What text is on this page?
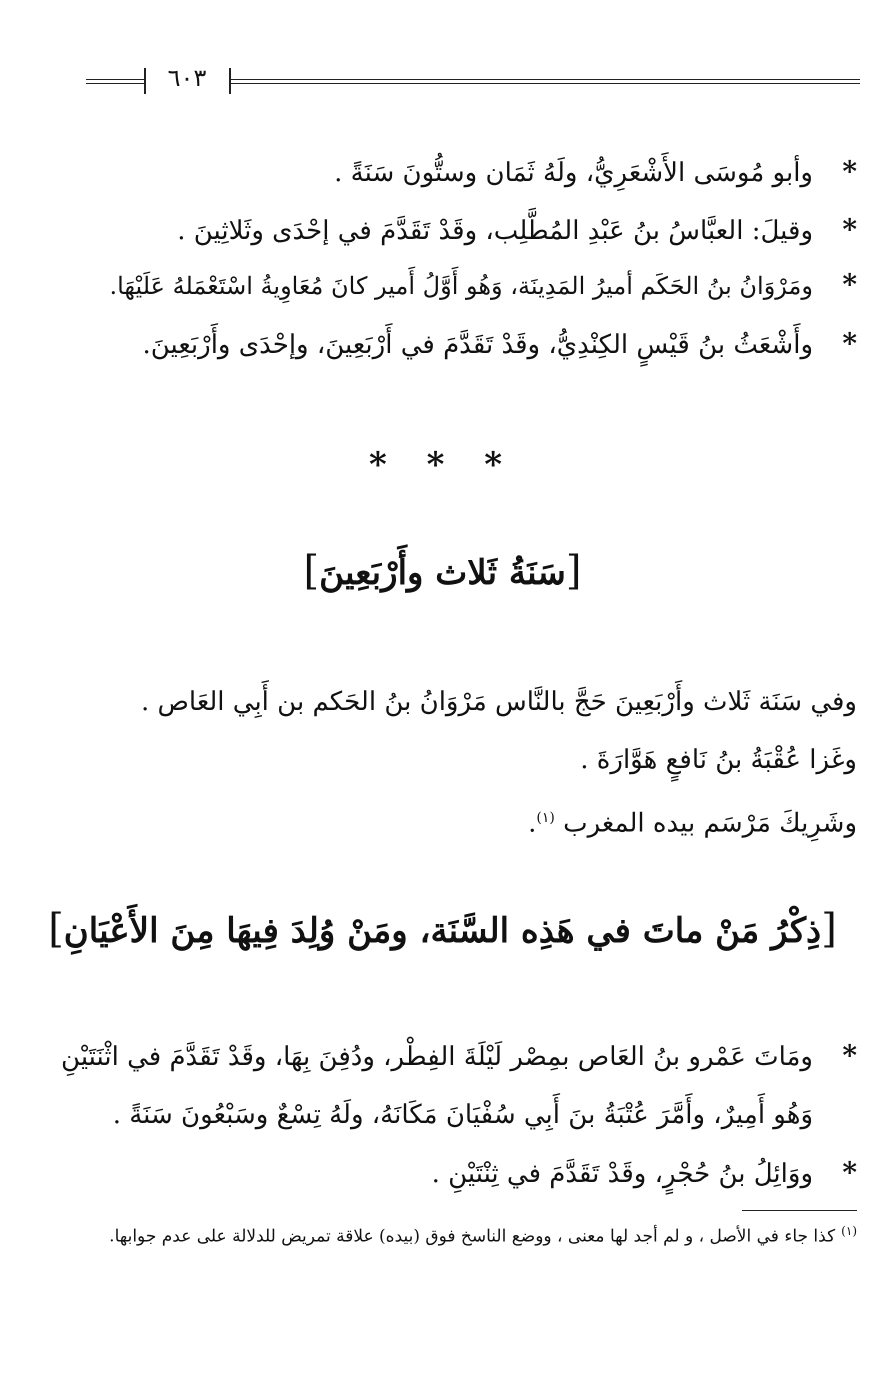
٦٠٣
*وأبو مُوسَى الأَشْعَرِيُّ، ولَهُ ثَمَان وستُّونَ سَنَةً .
*وقيلَ: العبَّاسُ بنُ عَبْدِ المُطَّلِب، وقَدْ تَقَدَّمَ في إحْدَى وثَلاثِينَ .
*ومَرْوَانُ بنُ الحَكَم أميرُ المَدِينَة، وَهُو أَوَّلُ أَمير كانَ مُعَاوِيةُ اسْتَعْمَلهُ عَلَيْهَا.
*وأَشْعَثُ بنُ قَيْسٍ الكِنْدِيُّ، وقَدْ تَقَدَّمَ في أَرْبَعِينَ، وإحْدَى وأَرْبَعِينَ.
* * *
[سَنَةُ ثَلاث وأَرْبَعِينَ]
وفي سَنَة ثَلاث وأَرْبَعِينَ حَجَّ بالنَّاس مَرْوَانُ بنُ الحَكم بن أَبِي العَاص .
وغَزا عُقْبَةُ بنُ نَافعٍ هَوَّارَةَ .
وشَرِيكَ مَرْسَم بيده المغرب $^{(١)}$.
[ذِكْرُ مَنْ ماتَ في هَذِه السَّنَة، ومَنْ وُلِدَ فِيهَا مِنَ الأَعْيَانِ]
*ومَاتَ عَمْرو بنُ العَاص بمِصْر لَيْلَةَ الفِطْر، ودُفِنَ بِهَا، وقَدْ تَقَدَّمَ في اثْنَتَيْنِ
وَهُو أَمِيرٌ، وأَمَّرَ عُتْبَةُ بنَ أَبِي سُفْيَانَ مَكَانَهُ، ولَهُ تِسْعٌ وسَبْعُونَ سَنَةً .
*ووَائِلُ بنُ حُجْرٍ، وقَدْ تَقَدَّمَ في ثِنْتَيْنِ .
$^{(١)}$كذا جاء في الأصل ، و لم أجد لها معنى ، ووضع الناسخ فوق (بيده) علاقة تمريض للدلالة على عدم جوابها.
